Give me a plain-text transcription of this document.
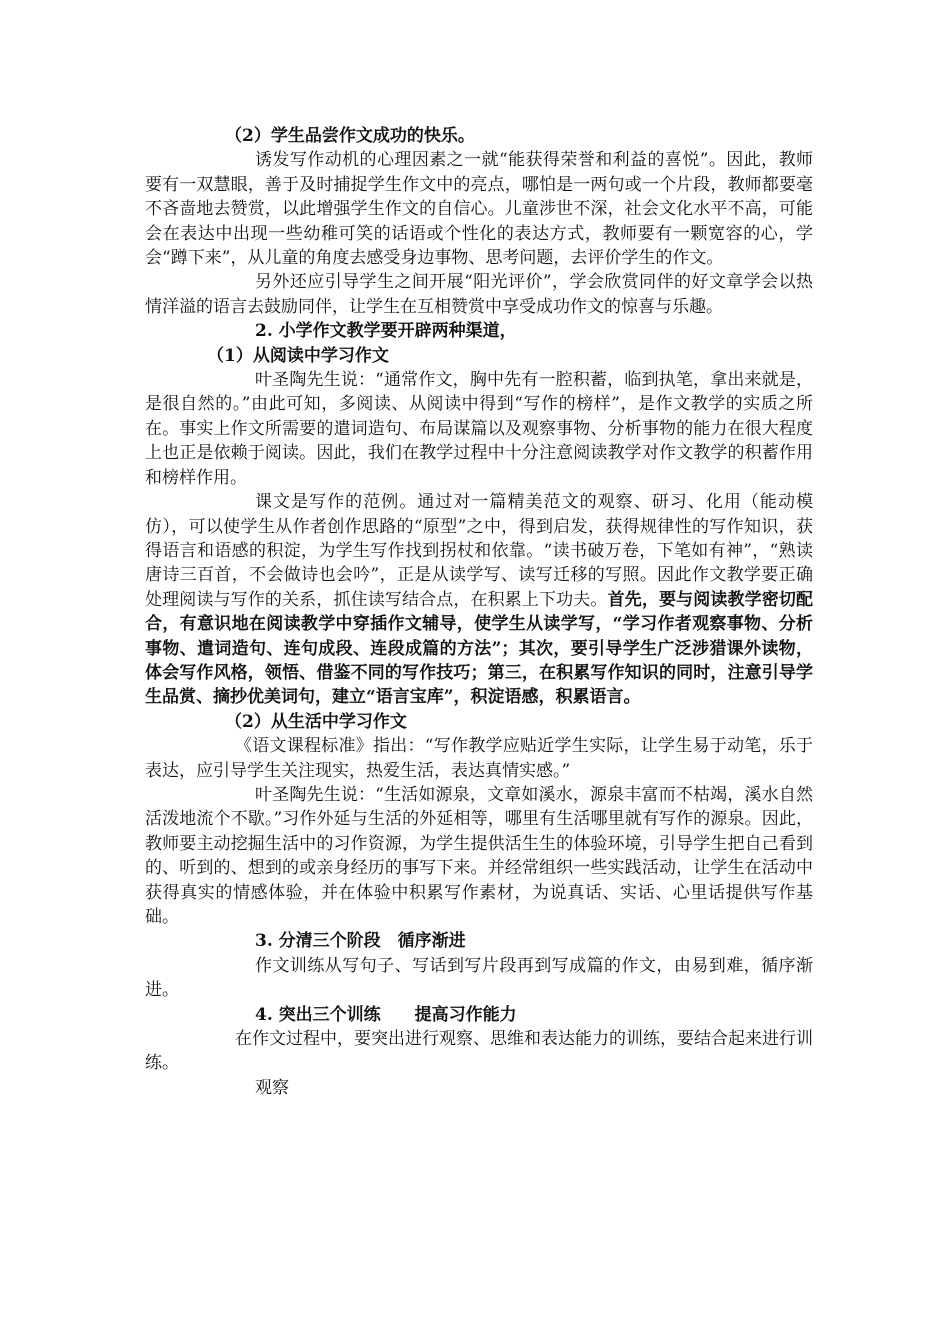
（2）学生品尝作文成功的快乐。

诱发写作动机的心理因素之一就“能获得荣誉和利益的喜悦”。因此，教师要有一双慧眼，善于及时捕捉学生作文中的亮点，哪怕是一两句或一个片段，教师都要毫不吝啬地去赞赏，以此增强学生作文的自信心。儿童涉世不深，社会文化水平不高，可能会在表达中出现一些幼稚可笑的话语或个性化的表达方式，教师要有一颗宽容的心，学会“蹲下来”，从儿童的角度去感受身边事物、思考问题，去评价学生的作文。

另外还应引导学生之间开展“阳光评价”，学会欣赏同伴的好文章学会以热情洋溢的语言去鼓励同伴，让学生在互相赞赏中享受成功作文的惊喜与乐趣。

2. 小学作文教学要开辟两种渠道，

（1）从阅读中学习作文

叶圣陶先生说：“通常作文，胸中先有一腔积蓄，临到执笔，拿出来就是，是很自然的。”由此可知，多阅读、从阅读中得到“写作的榜样”，是作文教学的实质之所在。事实上作文所需要的遣词造句、布局谋篇以及观察事物、分析事物的能力在很大程度上也正是依赖于阅读。因此，我们在教学过程中十分注意阅读教学对作文教学的积蓄作用和榜样作用。

课文是写作的范例。通过对一篇精美范文的观察、研习、化用（能动模仿），可以使学生从作者创作思路的“原型”之中，得到启发，获得规律性的写作知识，获得语言和语感的积淀，为学生写作找到拐杖和依靠。“读书破万卷，下笔如有神”，“熟读唐诗三百首，不会做诗也会吟”，正是从读学写、读写迁移的写照。因此作文教学要正确处理阅读与写作的关系，抓住读写结合点，在积累上下功夫。首先，要与阅读教学密切配合，有意识地在阅读教学中穿插作文辅导，使学生从读学写，“学习作者观察事物、分析事物、遣词造句、连句成段、连段成篇的方法”；其次，要引导学生广泛涉猎课外读物，体会写作风格，领悟、借鉴不同的写作技巧；第三，在积累写作知识的同时，注意引导学生品赏、摘抄优美词句，建立“语言宝库”，积淀语感，积累语言。

（2）从生活中学习作文

《语文课程标准》指出：“写作教学应贴近学生实际，让学生易于动笔，乐于表达，应引导学生关注现实，热爱生活，表达真情实感。”

叶圣陶先生说：“生活如源泉，文章如溪水，源泉丰富而不枯竭，溪水自然活泼地流个不歇。”习作外延与生活的外延相等，哪里有生活哪里就有写作的源泉。因此，教师要主动挖掘生活中的习作资源，为学生提供活生生的体验环境，引导学生把自己看到的、听到的、想到的或亲身经历的事写下来。并经常组织一些实践活动，让学生在活动中获得真实的情感体验，并在体验中积累写作素材，为说真话、实话、心里话提供写作基础。

3. 分清三个阶段　循序渐进

作文训练从写句子、写话到写片段再到写成篇的作文，由易到难，循序渐进。

4. 突出三个训练　　提高习作能力

在作文过程中，要突出进行观察、思维和表达能力的训练，要结合起来进行训练。

观察
